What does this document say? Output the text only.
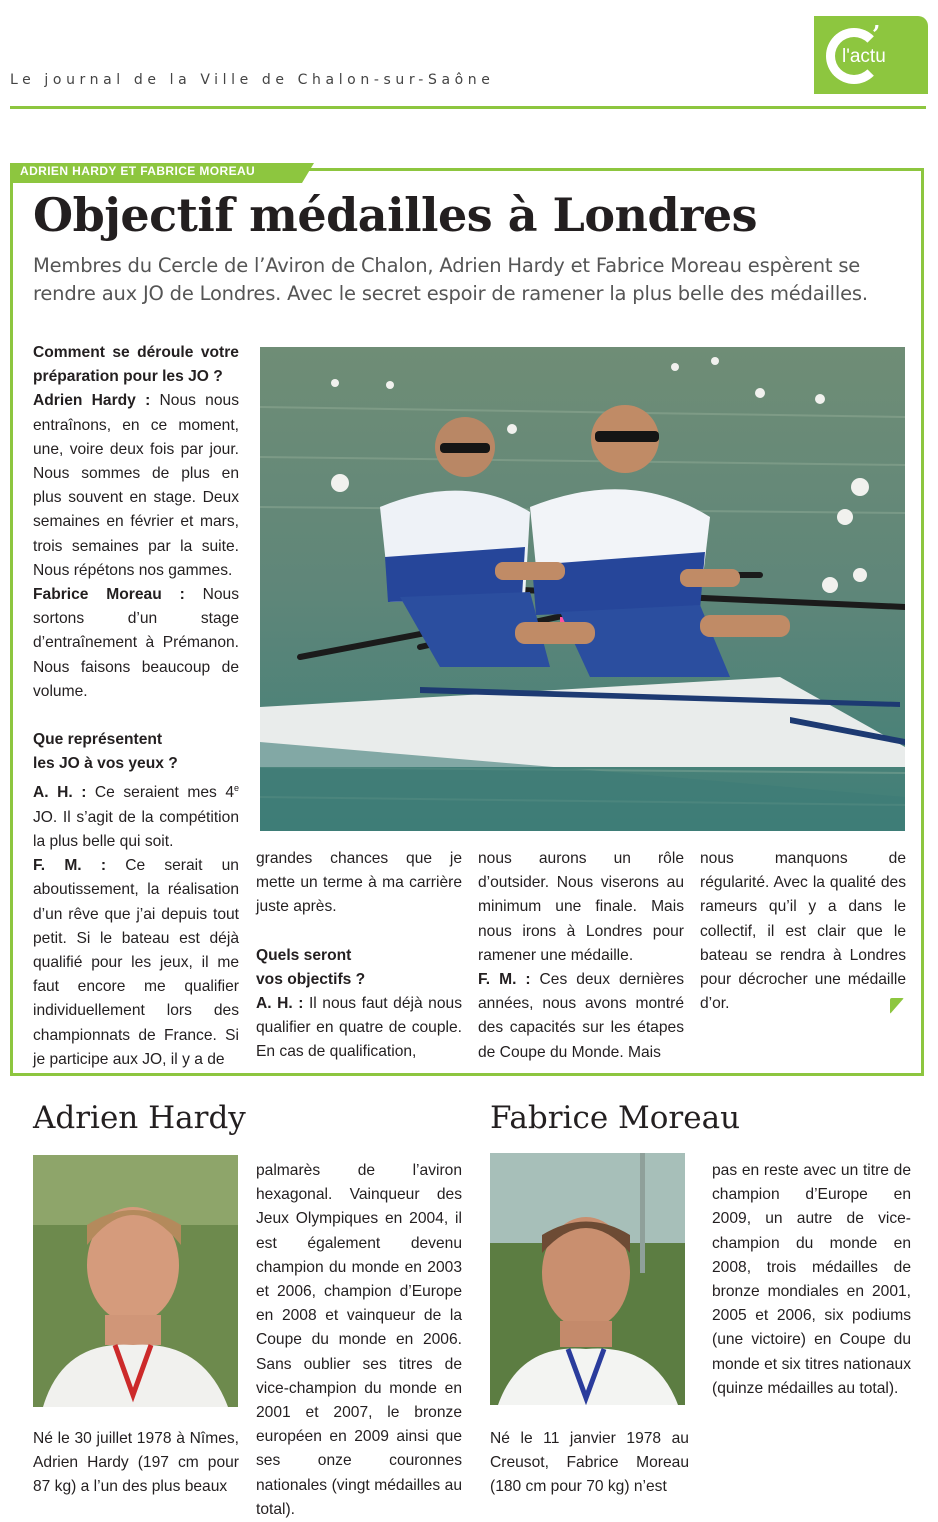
Le journal de la Ville de Chalon-sur-Saône
’
l'actu
ADRIEN HARDY ET FABRICE MOREAU
Objectif médailles à Londres
Membres du Cercle de l’Aviron de Chalon, Adrien Hardy et Fabrice Moreau espèrent se rendre aux JO de Londres. Avec le secret espoir de ramener la plus belle des médailles.

Comment se déroule votre préparation pour les JO ?

Adrien Hardy : Nous nous entraînons, en ce moment, une, voire deux fois par jour. Nous sommes de plus en plus souvent en stage. Deux semaines en février et mars, trois semaines par la suite. Nous répétons nos gammes.

Fabrice Moreau : Nous sortons d’un stage d’entraînement à Prémanon. Nous faisons beaucoup de volume.

Que représentent

les JO à vos yeux ?

A. H. : Ce seraient mes 4e JO. Il s’agit de la compétition la plus belle qui soit.

F. M. : Ce serait un aboutissement, la réalisation d’un rêve que j’ai depuis tout petit. Si le bateau est déjà qualifié pour les jeux, il me faut encore me qualifier individuellement lors des championnats de France. Si je participe aux JO, il y a de

grandes chances que je mette un terme à ma carrière juste après.

Quels seront

vos objectifs ?

A. H. : Il nous faut déjà nous qualifier en quatre de couple. En cas de qualification,

nous aurons un rôle d’outsider. Nous viserons au minimum une finale. Mais nous irons à Londres pour ramener une médaille.

F. M. : Ces deux dernières années, nous avons montré des capacités sur les étapes de Coupe du Monde. Mais

nous manquons de régularité. Avec la qualité des rameurs qu’il y a dans le collectif, il est clair que le bateau se rendra à Londres pour décrocher une médaille d’or.

Adrien Hardy
Né le 30 juillet 1978 à Nîmes, Adrien Hardy (197 cm pour 87 kg) a l’un des plus beaux
palmarès de l’aviron hexagonal. Vainqueur des Jeux Olympiques en 2004, il est également devenu champion du monde en 2003 et 2006, champion d’Europe en 2008 et vainqueur de la Coupe du monde en 2006. Sans oublier ses titres de vice-champion du monde en 2001 et 2007, le bronze européen en 2009 ainsi que ses onze couronnes nationales (vingt médailles au total).
Fabrice Moreau
Né le 11 janvier 1978 au Creusot, Fabrice Moreau (180 cm pour 70 kg) n’est
pas en reste avec un titre de champion d’Europe en 2009, un autre de vice-champion du monde en 2008, trois médailles de bronze mondiales en 2001, 2005 et 2006, six podiums (une victoire) en Coupe du monde et six titres nationaux (quinze médailles au total).
